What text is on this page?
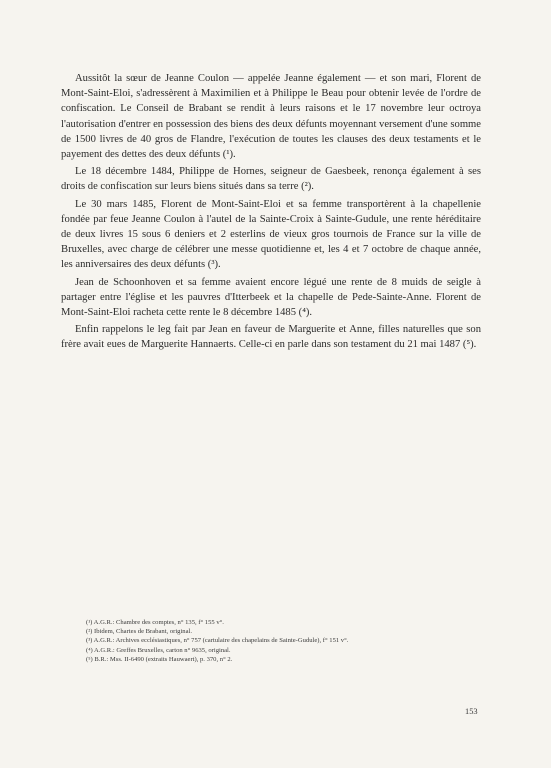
Aussitôt la sœur de Jeanne Coulon — appelée Jeanne également — et son mari, Florent de Mont-Saint-Eloi, s'adressèrent à Maximilien et à Philippe le Beau pour obtenir levée de l'ordre de confiscation. Le Conseil de Brabant se rendit à leurs raisons et le 17 novembre leur octroya l'autorisation d'entrer en possession des biens des deux défunts moyennant versement d'une somme de 1500 livres de 40 gros de Flandre, l'exécution de toutes les clauses des deux testaments et le payement des dettes des deux défunts (¹).

Le 18 décembre 1484, Philippe de Hornes, seigneur de Gaesbeek, renonça également à ses droits de confiscation sur leurs biens situés dans sa terre (²).

Le 30 mars 1485, Florent de Mont-Saint-Eloi et sa femme transportèrent à la chapellenie fondée par feue Jeanne Coulon à l'autel de la Sainte-Croix à Sainte-Gudule, une rente héréditaire de deux livres 15 sous 6 deniers et 2 esterlins de vieux gros tournois de France sur la ville de Bruxelles, avec charge de célébrer une messe quotidienne et, les 4 et 7 octobre de chaque année, les anniversaires des deux défunts (³).

Jean de Schoonhoven et sa femme avaient encore légué une rente de 8 muids de seigle à partager entre l'église et les pauvres d'Itterbeek et la chapelle de Pede-Sainte-Anne. Florent de Mont-Saint-Eloi racheta cette rente le 8 décembre 1485 (⁴).

Enfin rappelons le leg fait par Jean en faveur de Marguerite et Anne, filles naturelles que son frère avait eues de Marguerite Hannaerts. Celle-ci en parle dans son testament du 21 mai 1487 (⁵).

(¹) A.G.R.: Chambre des comptes, n° 135, f° 155 v°.
(²) Ibidem, Chartes de Brabant, original.
(³) A.G.R.: Archives ecclésiastiques, n° 757 (cartulaire des chapelains de Sainte-Gudule), f° 151 v°.
(⁴) A.G.R.: Greffes Bruxelles, carton n° 9635, original.
(⁵) B.R.: Mss. II-6490 (extraits Hauwaert), p. 370, n° 2.
153
